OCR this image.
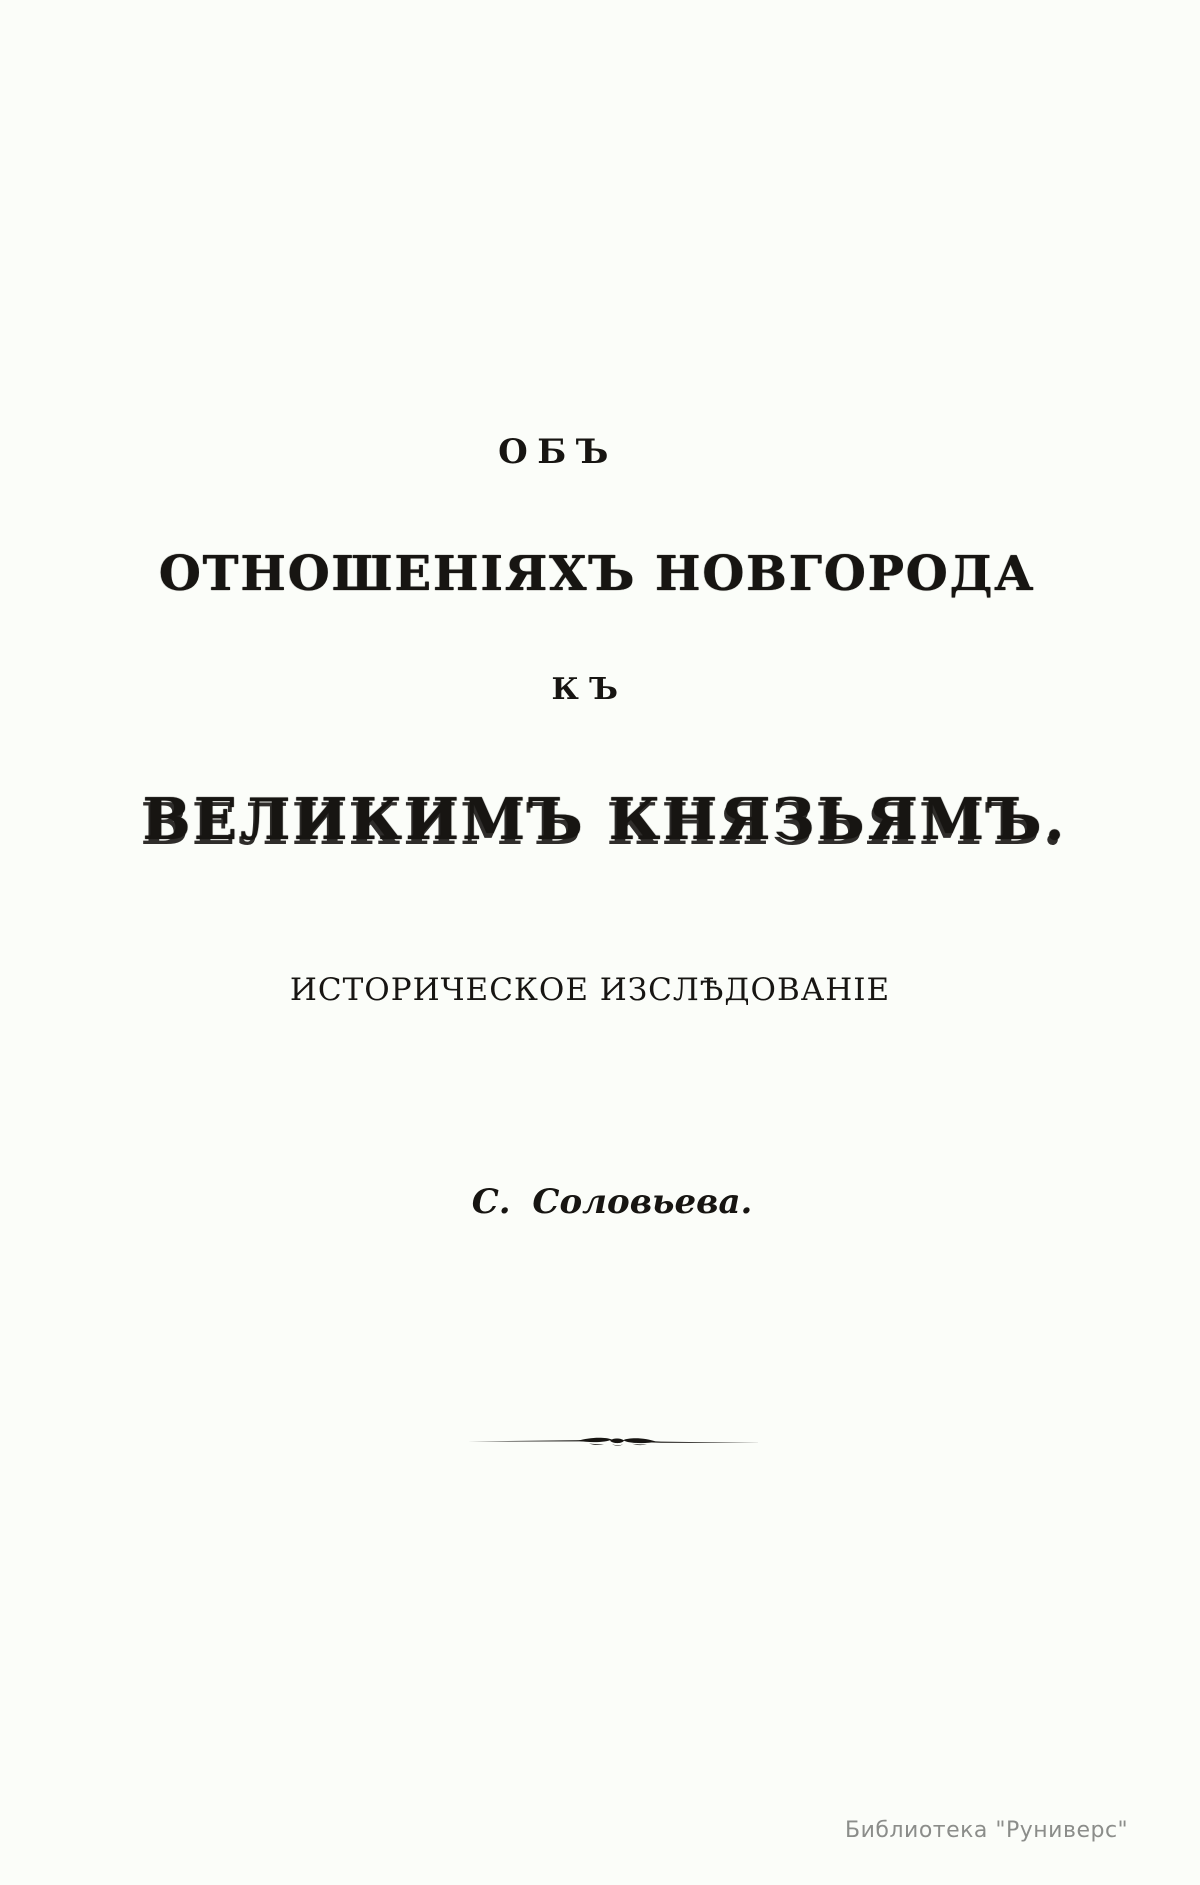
ОБЪ
ОТНОШЕНІЯХЪ НОВГОРОДА
КЪ
ВЕЛИКИМЪ КНЯЗЬЯМЪ.
ИСТОРИЧЕСКОЕ ИЗСЛѢДОВАНІЕ
С. Соловьева.
Библиотека "Руниверс"
